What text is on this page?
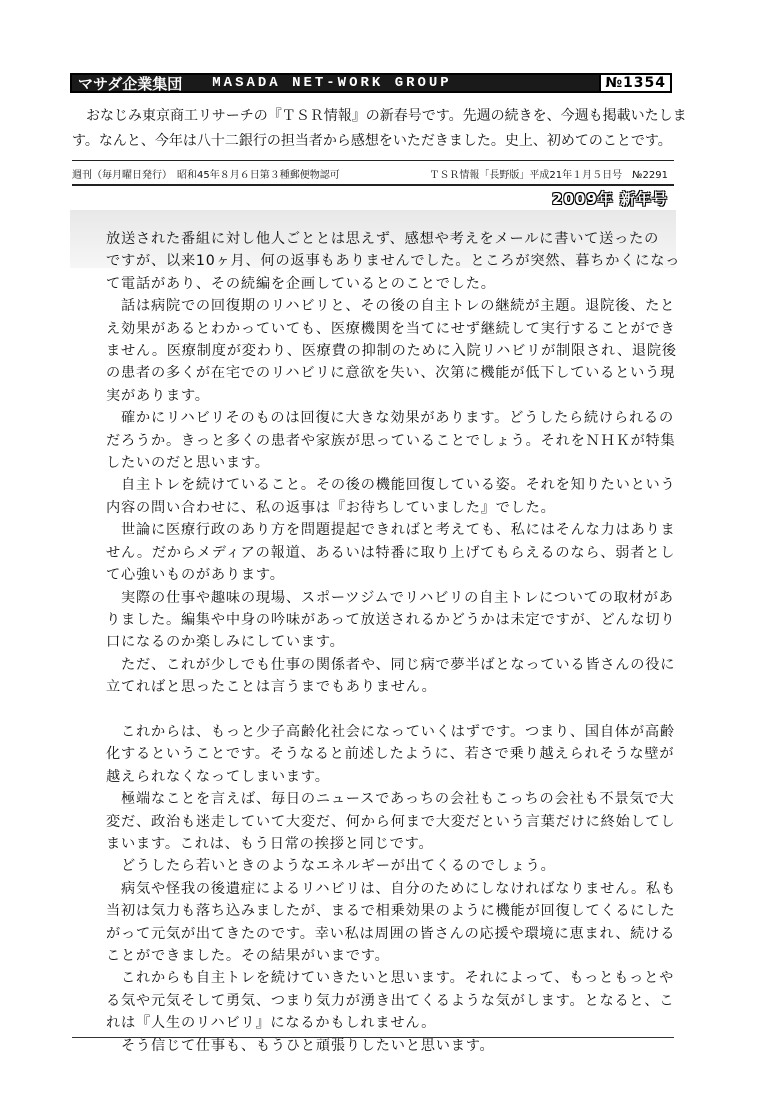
マサダ企業集団 MASADA NET-WORK GROUP	№1354

おなじみ東京商工リサーチの『ＴＳＲ情報』の新春号です。先週の続きを、今週も掲載いたしま

す。なんと、今年は八十二銀行の担当者から感想をいただきました。史上、初めてのことです。

週刊（毎月曜日発行）　昭和45年８月６日第３種郵便物認可	ＴＳＲ情報「長野版」平成21年１月５日号　№2291
2009年 新年号

放送された番組に対し他人ごととは思えず、感想や考えをメールに書いて送ったの

ですが、以来10ヶ月、何の返事もありませんでした。ところが突然、暮ちかくになっ

て電話があり、その続編を企画しているとのことでした。

　話は病院での回復期のリハビリと、その後の自主トレの継続が主題。退院後、たと

え効果があるとわかっていても、医療機関を当てにせず継続して実行することができ

ません。医療制度が変わり、医療費の抑制のために入院リハビリが制限され、退院後

の患者の多くが在宅でのリハビリに意欲を失い、次第に機能が低下しているという現

実があります。

　確かにリハビリそのものは回復に大きな効果があります。どうしたら続けられるの

だろうか。きっと多くの患者や家族が思っていることでしょう。それをＮＨＫが特集

したいのだと思います。

　自主トレを続けていること。その後の機能回復している姿。それを知りたいという

内容の問い合わせに、私の返事は『お待ちしていました』でした。

　世論に医療行政のあり方を問題提起できればと考えても、私にはそんな力はありま

せん。だからメディアの報道、あるいは特番に取り上げてもらえるのなら、弱者とし

て心強いものがあります。

　実際の仕事や趣味の現場、スポーツジムでリハビリの自主トレについての取材があ

りました。編集や中身の吟味があって放送されるかどうかは未定ですが、どんな切り

口になるのか楽しみにしています。

　ただ、これが少しでも仕事の関係者や、同じ病で夢半ばとなっている皆さんの役に

立てればと思ったことは言うまでもありません。

　これからは、もっと少子高齢化社会になっていくはずです。つまり、国自体が高齢

化するということです。そうなると前述したように、若さで乗り越えられそうな壁が

越えられなくなってしまいます。

　極端なことを言えば、毎日のニュースであっちの会社もこっちの会社も不景気で大

変だ、政治も迷走していて大変だ、何から何まで大変だという言葉だけに終始してし

まいます。これは、もう日常の挨拶と同じです。

　どうしたら若いときのようなエネルギーが出てくるのでしょう。

　病気や怪我の後遺症によるリハビリは、自分のためにしなければなりません。私も

当初は気力も落ち込みましたが、まるで相乗効果のように機能が回復してくるにした

がって元気が出てきたのです。幸い私は周囲の皆さんの応援や環境に恵まれ、続ける

ことができました。その結果がいまです。

　これからも自主トレを続けていきたいと思います。それによって、もっともっとや

る気や元気そして勇気、つまり気力が湧き出てくるような気がします。となると、こ

れは『人生のリハビリ』になるかもしれません。

　そう信じて仕事も、もうひと頑張りしたいと思います。
